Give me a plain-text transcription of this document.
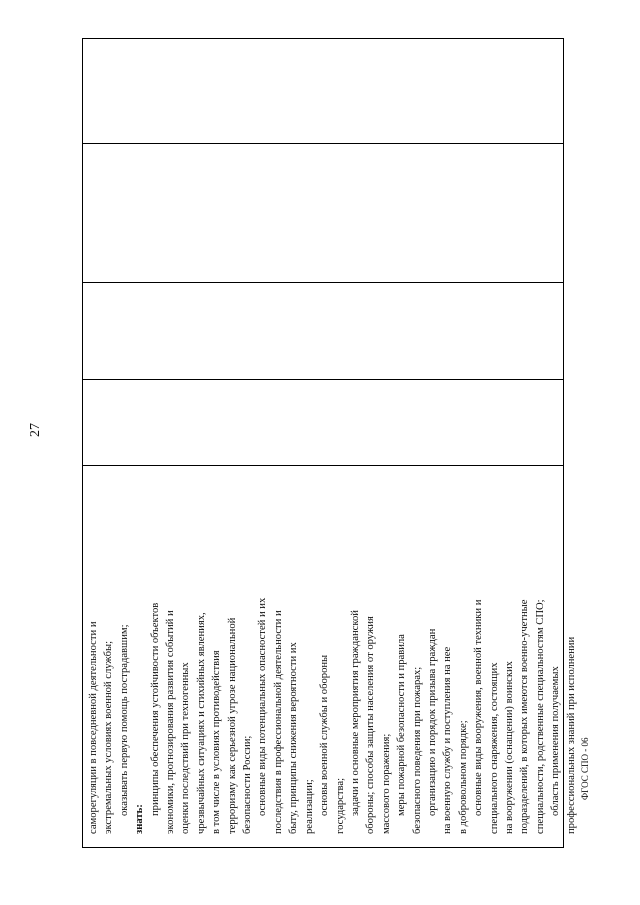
27
саморегуляции в повседневной деятельности и экстремальных условиях военной службы; оказывать первую помощь пострадавшим;
знать:
принципы обеспечения устойчивости объектов экономики, прогнозирования развития событий и оценки последствий при техногенных чрезвычайных ситуациях и стихийных явлениях, в том числе в условиях противодействия терроризму как серьезной угрозе национальной безопасности России; основные виды потенциальных опасностей и их последствия в профессиональной деятельности и быту, принципы снижения вероятности их реализации; основы военной службы и обороны государства; задачи и основные мероприятия гражданской обороны; способы защиты населения от оружия массового поражения; меры пожарной безопасности и правила безопасного поведения при пожарах; организацию и порядок призыва граждан на военную службу и поступления на нее в добровольном порядке; основные виды вооружения, военной техники и специального снаряжения, состоящих на вооружении (оснащении) воинских подразделений, в которых имеются военно-учетные специальности, родственные специальностям СПО; область применения получаемых профессиональных знаний при исполнении ФГОС СПО - 06
